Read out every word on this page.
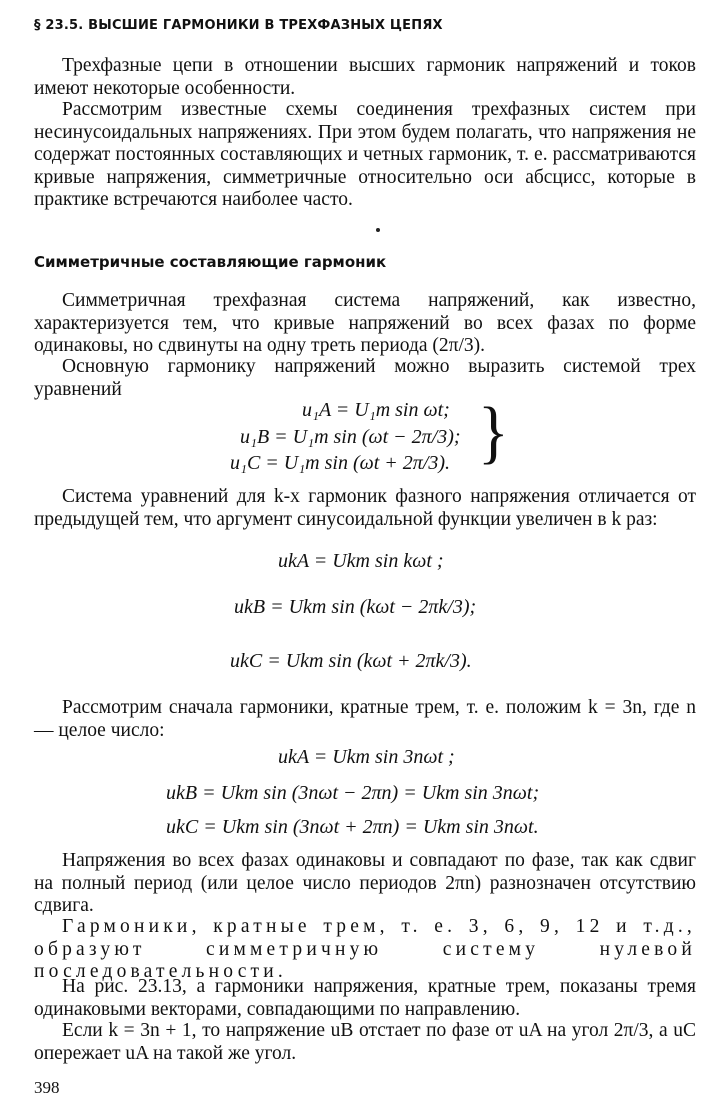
§ 23.5. ВЫСШИЕ ГАРМОНИКИ В ТРЕХФАЗНЫХ ЦЕПЯХ

Трехфазные цепи в отношении высших гармоник напряжений и токов имеют некоторые особенности.

Рассмотрим известные схемы соединения трехфазных систем при несинусоидальных напряжениях. При этом будем полагать, что напряжения не содержат постоянных составляющих и четных гармоник, т. е. рассматриваются кривые напряжения, симметричные относительно оси абсцисс, которые в практике встречаются наиболее часто.

Симметричные составляющие гармоник

Симметричная трехфазная система напряжений, как известно, характеризуется тем, что кривые напряжений во всех фазах по форме одинаковы, но сдвинуты на одну треть периода (2π/3).

Основную гармонику напряжений можно выразить системой трех уравнений

u₁A = U₁m sin ωt;
u₁B = U₁m sin (ωt − 2π/3);
u₁C = U₁m sin (ωt + 2π/3). }

Система уравнений для k-х гармоник фазного напряжения отличается от предыдущей тем, что аргумент синусоидальной функции увеличен в k раз:

ukA = Ukm sin kωt ;
ukB = Ukm sin (kωt − 2πk/3);
ukC = Ukm sin (kωt + 2πk/3).

Рассмотрим сначала гармоники, кратные трем, т. е. положим k = 3n, где n — целое число:

ukA = Ukm sin 3nωt ;
ukB = Ukm sin (3nωt − 2πn) = Ukm sin 3nωt;
ukC = Ukm sin (3nωt + 2πn) = Ukm sin 3nωt.

Напряжения во всех фазах одинаковы и совпадают по фазе, так как сдвиг на полный период (или целое число периодов 2πn) разнозначен отсутствию сдвига.

Гармоники, кратные трем, т. е. 3, 6, 9, 12 и т.д., образуют симметричную систему нулевой последовательности.

На рис. 23.13, а гармоники напряжения, кратные трем, показаны тремя одинаковыми векторами, совпадающими по направлению.

Если k = 3n + 1, то напряжение uB отстает по фазе от uA на угол 2π/3, а uC опережает uA на такой же угол.

398
